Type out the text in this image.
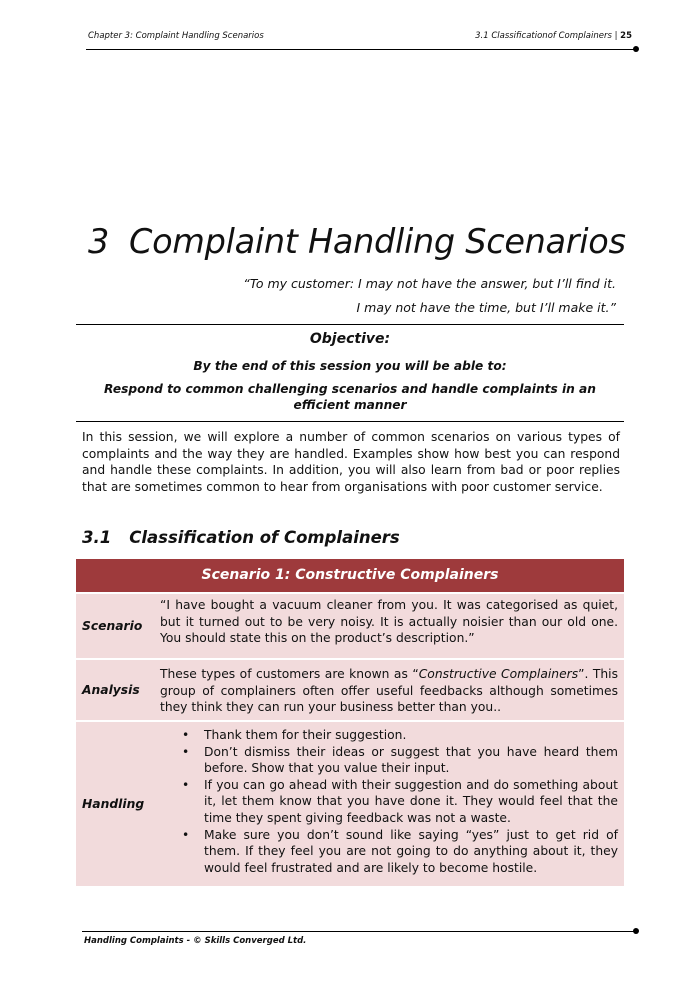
Chapter 3: Complaint Handling Scenarios	3.1 Classificationof Complainers | 25
3 Complaint Handling Scenarios
“To my customer: I may not have the answer, but I’ll find it.
I may not have the time, but I’ll make it.”
Objective:
By the end of this session you will be able to:
Respond to common challenging scenarios and handle complaints in an efficient manner
In this session, we will explore a number of common scenarios on various types of complaints and the way they are handled. Examples show how best you can respond and handle these complaints. In addition, you will also learn from bad or poor replies that are sometimes common to hear from organisations with poor customer service.
3.1 Classification of Complainers
Scenario 1: Constructive Complainers
Scenario
“I have bought a vacuum cleaner from you. It was categorised as quiet, but it turned out to be very noisy. It is actually noisier than our old one. You should state this on the product’s description.”
Analysis
These types of customers are known as “Constructive Complainers”. This group of complainers often offer useful feedbacks although sometimes they think they can run your business better than you..
Handling
• Thank them for their suggestion.
• Don’t dismiss their ideas or suggest that you have heard them before. Show that you value their input.
• If you can go ahead with their suggestion and do something about it, let them know that you have done it. They would feel that the time they spent giving feedback was not a waste.
• Make sure you don’t sound like saying “yes” just to get rid of them. If they feel you are not going to do anything about it, they would feel frustrated and are likely to become hostile.
Handling Complaints - © Skills Converged Ltd.
